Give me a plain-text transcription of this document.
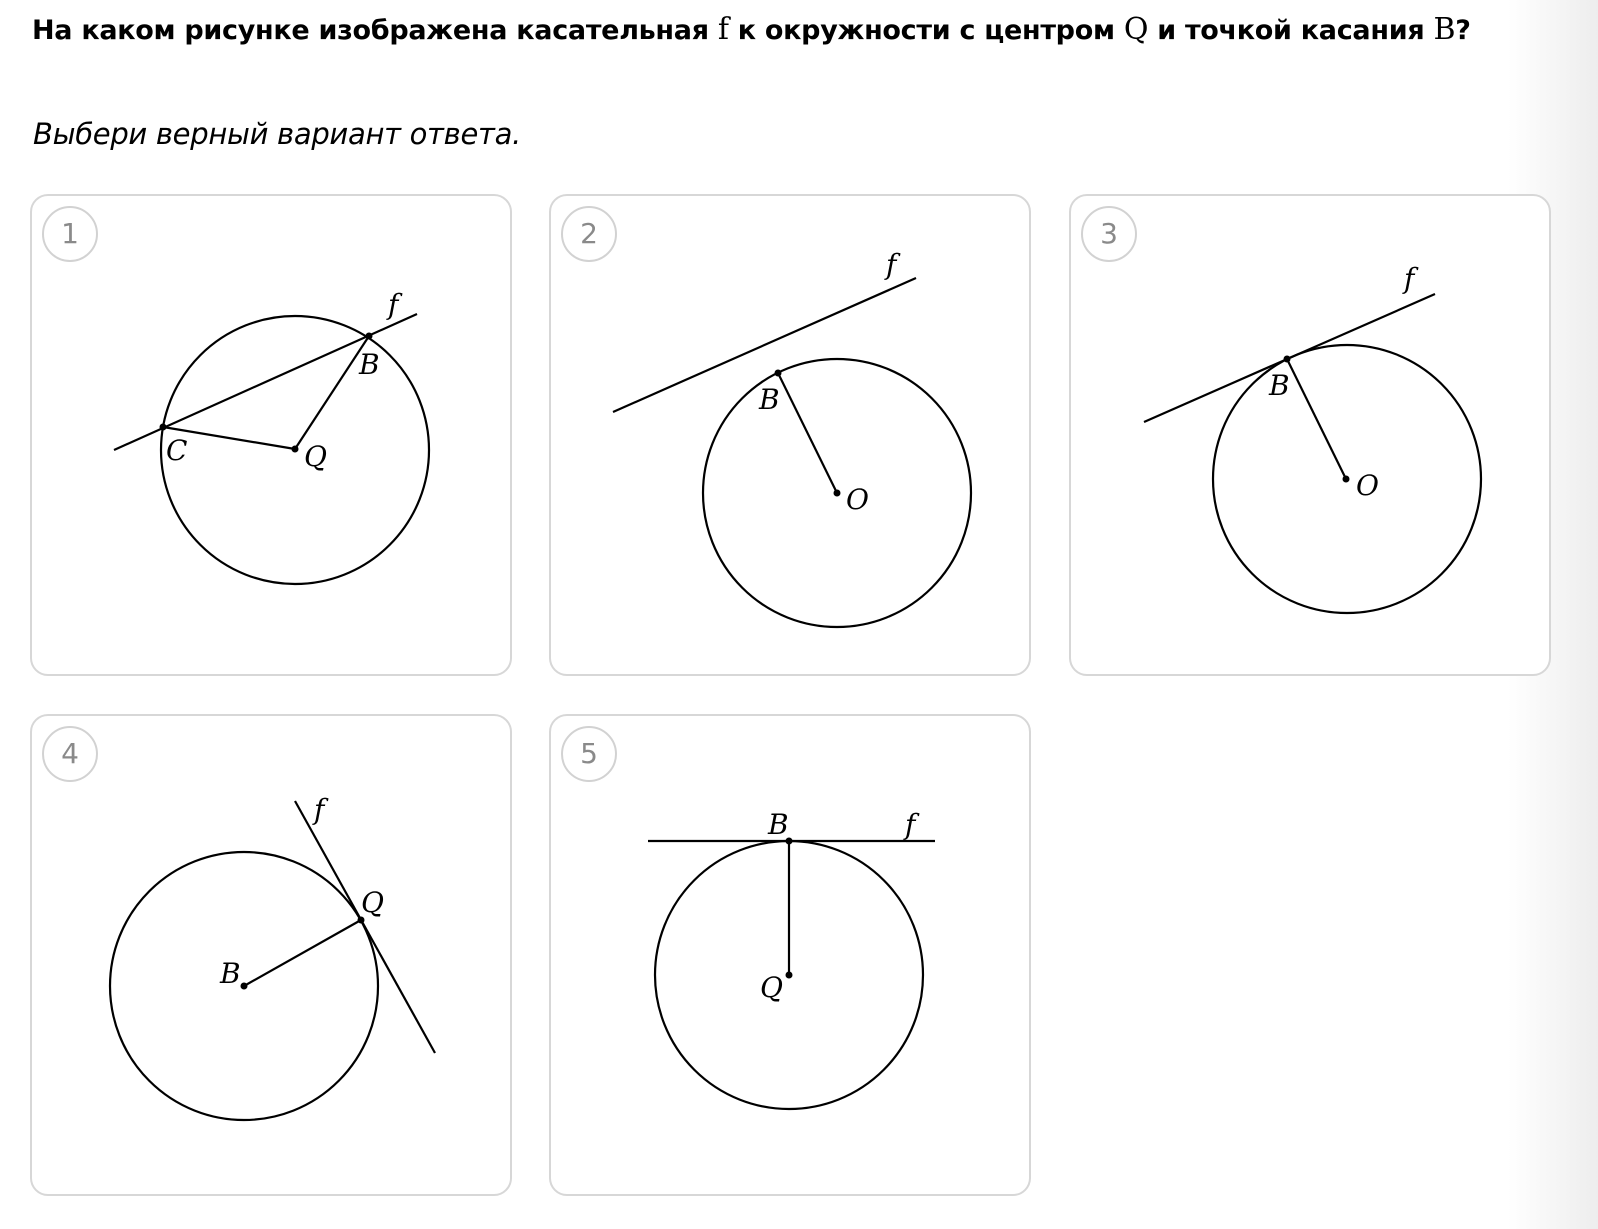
На каком рисунке изображена касательная f к окружности с центром Q и точкой касания B?

Выбери верный вариант ответа.

1
f
B
C	Q
2
f
B
O
3
f
B
O
4
f
B
Q
5
f
B
Q
